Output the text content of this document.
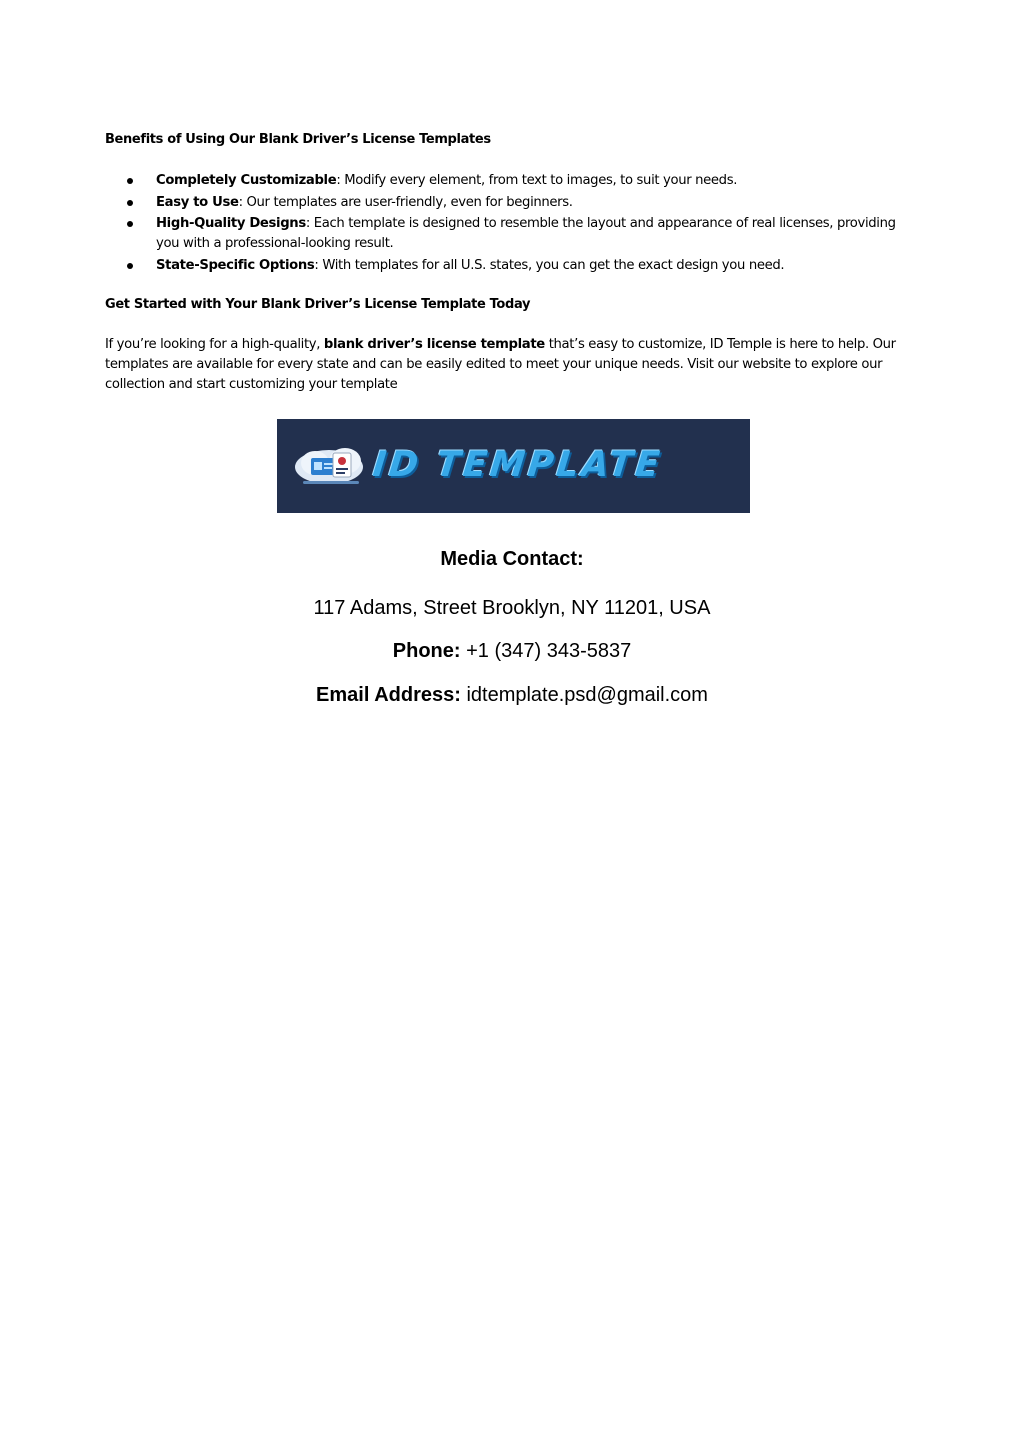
Benefits of Using Our Blank Driver’s License Templates

Completely Customizable: Modify every element, from text to images, to suit your needs.
Easy to Use: Our templates are user-friendly, even for beginners.
High-Quality Designs: Each template is designed to resemble the layout and appearance of real licenses, providing you with a professional-looking result.
State-Specific Options: With templates for all U.S. states, you can get the exact design you need.

Get Started with Your Blank Driver’s License Template Today

If you’re looking for a high-quality, blank driver’s license template that’s easy to customize, ID Temple is here to help. Our templates are available for every state and can be easily edited to meet your unique needs. Visit our website to explore our collection and start customizing your template

ID TEMPLATE
Media Contact:
117 Adams, Street Brooklyn, NY 11201, USA
Phone: +1 (347) 343-5837
Email Address: idtemplate.psd@gmail.com
